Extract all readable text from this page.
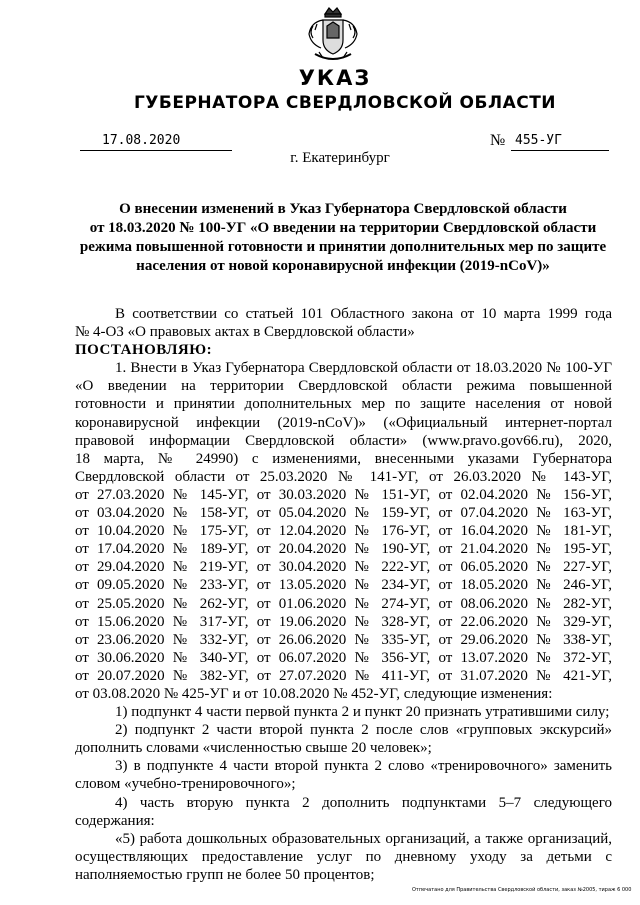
УКАЗ
ГУБЕРНАТОРА СВЕРДЛОВСКОЙ ОБЛАСТИ
17.08.2020	№ 455-УГ
г. Екатеринбург
О внесении изменений в Указ Губернатора Свердловской области
от 18.03.2020 № 100-УГ «О введении на территории Свердловской области
режима повышенной готовности и принятии дополнительных мер по защите
населения от новой коронавирусной инфекции (2019-nCoV)»

В соответствии со статьей 101 Областного закона от 10 марта 1999 года

№ 4-ОЗ «О правовых актах в Свердловской области»

ПОСТАНОВЛЯЮ:

1. Внести в Указ Губернатора Свердловской области от 18.03.2020 № 100-УГ

«О введении на территории Свердловской области режима повышенной

готовности и принятии дополнительных мер по защите населения от новой

коронавирусной инфекции (2019-nCoV)» («Официальный интернет-портал

правовой информации Свердловской области» (www.pravo.gov66.ru), 2020,

18 марта, № 24990) с изменениями, внесенными указами Губернатора

Свердловской области от 25.03.2020 № 141-УГ, от 26.03.2020 № 143-УГ,

от 27.03.2020 № 145-УГ, от 30.03.2020 № 151-УГ, от 02.04.2020 № 156-УГ,

от 03.04.2020 № 158-УГ, от 05.04.2020 № 159-УГ, от 07.04.2020 № 163-УГ,

от 10.04.2020 № 175-УГ, от 12.04.2020 № 176-УГ, от 16.04.2020 № 181-УГ,

от 17.04.2020 № 189-УГ, от 20.04.2020 № 190-УГ, от 21.04.2020 № 195-УГ,

от 29.04.2020 № 219-УГ, от 30.04.2020 № 222-УГ, от 06.05.2020 № 227-УГ,

от 09.05.2020 № 233-УГ, от 13.05.2020 № 234-УГ, от 18.05.2020 № 246-УГ,

от 25.05.2020 № 262-УГ, от 01.06.2020 № 274-УГ, от 08.06.2020 № 282-УГ,

от 15.06.2020 № 317-УГ, от 19.06.2020 № 328-УГ, от 22.06.2020 № 329-УГ,

от 23.06.2020 № 332-УГ, от 26.06.2020 № 335-УГ, от 29.06.2020 № 338-УГ,

от 30.06.2020 № 340-УГ, от 06.07.2020 № 356-УГ, от 13.07.2020 № 372-УГ,

от 20.07.2020 № 382-УГ, от 27.07.2020 № 411-УГ, от 31.07.2020 № 421-УГ,

от 03.08.2020 № 425-УГ и от 10.08.2020 № 452-УГ, следующие изменения:

1) подпункт 4 части первой пункта 2 и пункт 20 признать утратившими силу;

2) подпункт 2 части второй пункта 2 после слов «групповых экскурсий»

дополнить словами «численностью свыше 20 человек»;

3) в подпункте 4 части второй пункта 2 слово «тренировочного» заменить

словом «учебно-тренировочного»;

4) часть вторую пункта 2 дополнить подпунктами 5–7 следующего

содержания:

«5) работа дошкольных образовательных организаций, а также организаций,

осуществляющих предоставление услуг по дневному уходу за детьми с

наполняемостью групп не более 50 процентов;

Отпечатано для Правительства Свердловской области, заказ №2005, тираж 6 000
